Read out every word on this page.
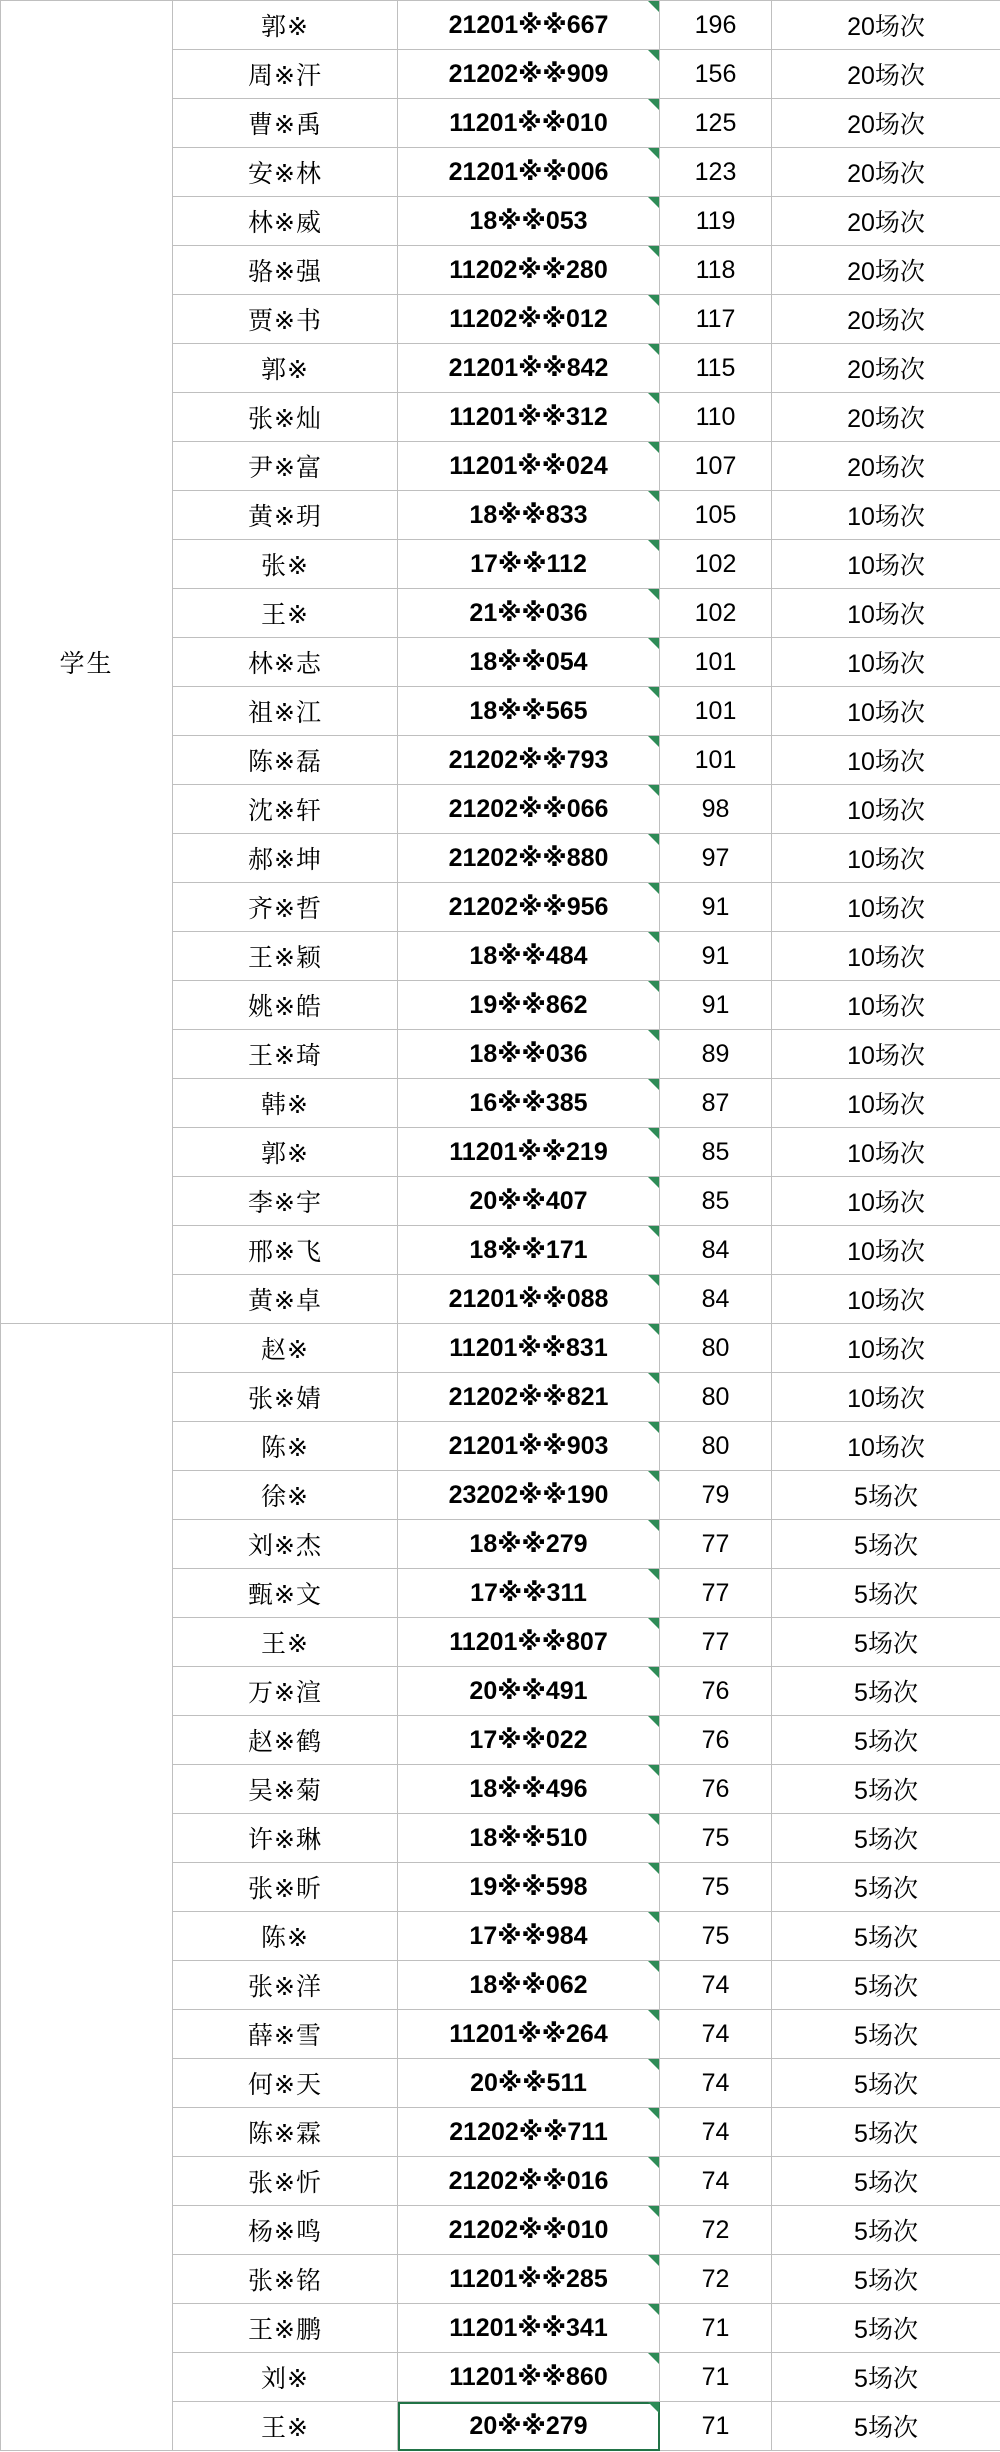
学生	郭※	21201※※667	196	20场次
	周※汗	21202※※909	156	20场次
	曹※禹	11201※※010	125	20场次
	安※林	21201※※006	123	20场次
	林※威	18※※053	119	20场次
	骆※强	11202※※280	118	20场次
	贾※书	11202※※012	117	20场次
	郭※	21201※※842	115	20场次
	张※灿	11201※※312	110	20场次
	尹※富	11201※※024	107	20场次
	黄※玥	18※※833	105	10场次
	张※	17※※112	102	10场次
	王※	21※※036	102	10场次
	林※志	18※※054	101	10场次
	祖※江	18※※565	101	10场次
	陈※磊	21202※※793	101	10场次
	沈※轩	21202※※066	98	10场次
	郝※坤	21202※※880	97	10场次
	齐※哲	21202※※956	91	10场次
	王※颖	18※※484	91	10场次
	姚※皓	19※※862	91	10场次
	王※琦	18※※036	89	10场次
	韩※	16※※385	87	10场次
	郭※	11201※※219	85	10场次
	李※宇	20※※407	85	10场次
	邢※飞	18※※171	84	10场次
	黄※卓	21201※※088	84	10场次
	赵※	11201※※831	80	10场次
	张※婧	21202※※821	80	10场次
	陈※	21201※※903	80	10场次
	徐※	23202※※190	79	5场次
	刘※杰	18※※279	77	5场次
	甄※文	17※※311	77	5场次
	王※	11201※※807	77	5场次
	万※渲	20※※491	76	5场次
	赵※鹤	17※※022	76	5场次
	吴※菊	18※※496	76	5场次
	许※琳	18※※510	75	5场次
	张※昕	19※※598	75	5场次
	陈※	17※※984	75	5场次
	张※洋	18※※062	74	5场次
	薛※雪	11201※※264	74	5场次
	何※天	20※※511	74	5场次
	陈※霖	21202※※711	74	5场次
	张※忻	21202※※016	74	5场次
	杨※鸣	21202※※010	72	5场次
	张※铭	11201※※285	72	5场次
	王※鹏	11201※※341	71	5场次
	刘※	11201※※860	71	5场次
	王※	20※※279	71	5场次
